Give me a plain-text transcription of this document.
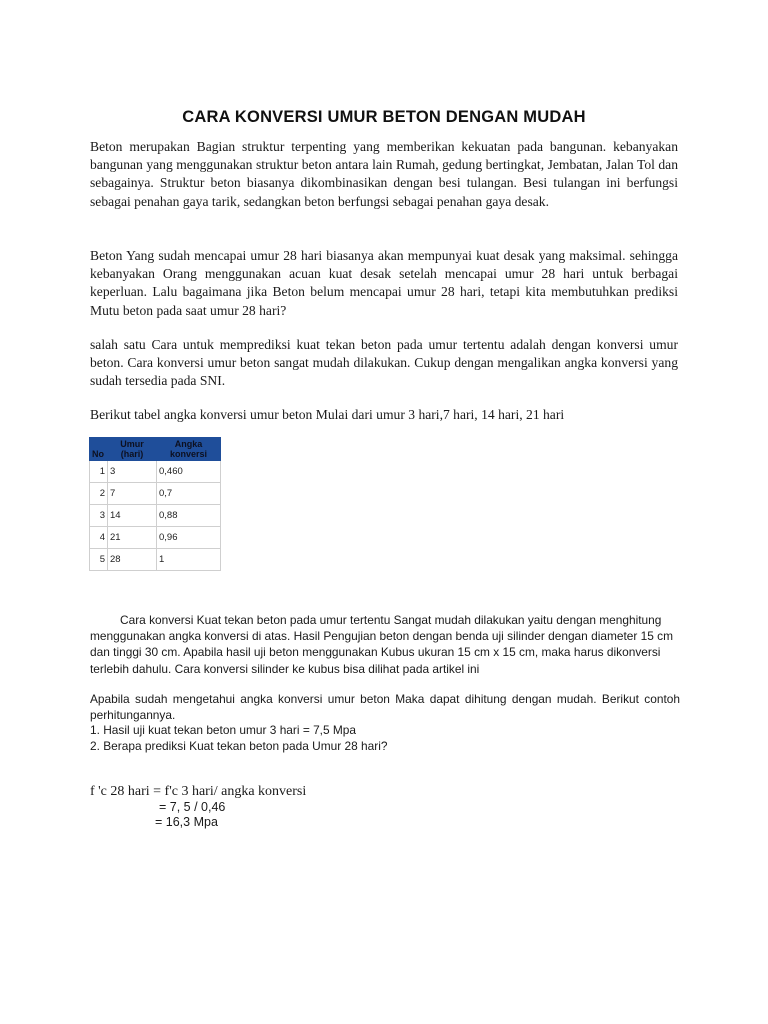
CARA KONVERSI UMUR BETON DENGAN MUDAH
Beton merupakan Bagian struktur terpenting yang memberikan kekuatan pada bangunan. kebanyakan bangunan yang menggunakan struktur beton antara lain Rumah, gedung bertingkat, Jembatan, Jalan Tol dan sebagainya. Struktur beton biasanya dikombinasikan dengan besi tulangan. Besi tulangan ini berfungsi sebagai penahan gaya tarik, sedangkan beton berfungsi sebagai penahan gaya desak.
Beton Yang sudah mencapai umur 28 hari biasanya akan mempunyai kuat desak yang maksimal. sehingga kebanyakan Orang menggunakan acuan kuat desak setelah mencapai umur 28 hari untuk berbagai keperluan. Lalu bagaimana jika Beton belum mencapai umur 28 hari, tetapi kita membutuhkan prediksi Mutu beton pada saat umur 28 hari?
salah satu Cara untuk memprediksi kuat tekan beton pada umur tertentu adalah dengan konversi umur beton. Cara konversi umur beton sangat mudah dilakukan. Cukup dengan mengalikan angka konversi yang sudah tersedia pada SNI.
Berikut tabel angka konversi umur beton Mulai dari umur 3 hari,7 hari, 14 hari, 21 hari
No	Umur (hari)	Angka konversi
1	3	0,460
2	7	0,7
3	14	0,88
4	21	0,96
5	28	1
Cara konversi Kuat tekan beton pada umur tertentu Sangat mudah dilakukan yaitu dengan menghitung menggunakan angka konversi di atas. Hasil Pengujian beton dengan benda uji silinder dengan diameter 15 cm dan tinggi 30 cm. Apabila hasil uji beton menggunakan Kubus ukuran 15 cm x 15 cm, maka harus dikonversi terlebih dahulu. Cara konversi silinder ke kubus bisa dilihat pada artikel ini
Apabila sudah mengetahui angka konversi umur beton Maka dapat dihitung dengan mudah. Berikut contoh perhitungannya.
1. Hasil uji kuat tekan beton umur 3 hari = 7,5 Mpa
2. Berapa prediksi Kuat tekan beton pada Umur 28 hari?
f 'c 28 hari = f'c 3 hari/ angka konversi
= 7, 5 / 0,46
= 16,3 Mpa
